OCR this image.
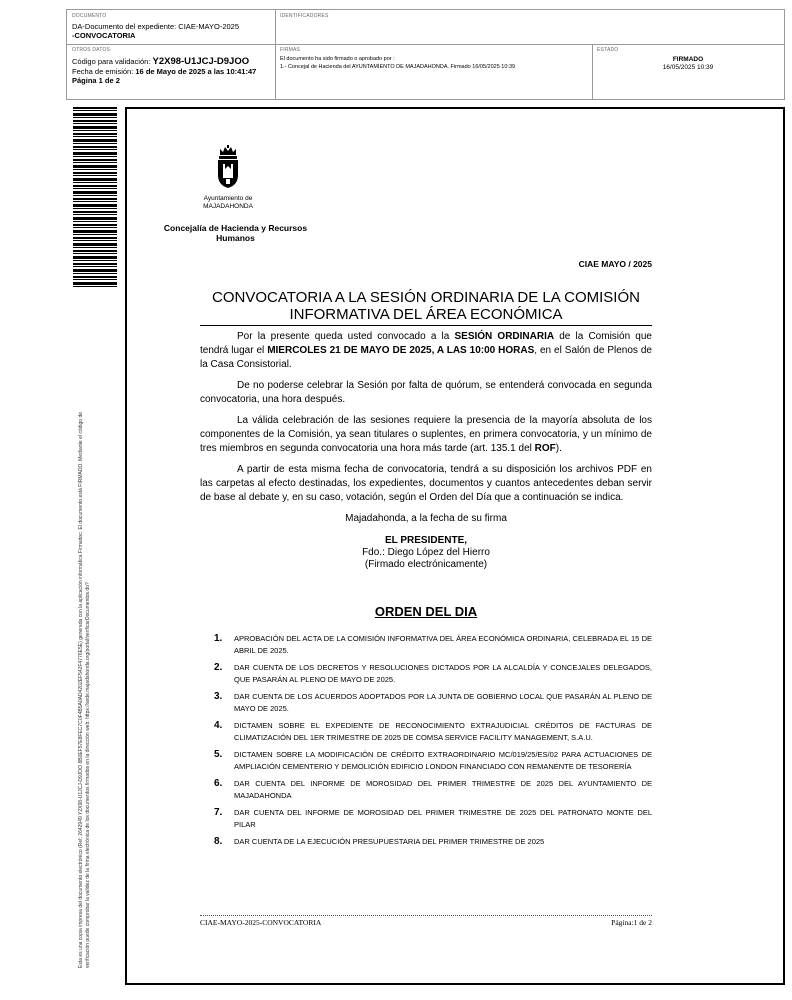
DOCUMENTO
DA-Documento del expediente: CIAE-MAYO-2025
-CONVOCATORIA
IDENTIFICADORES
OTROS DATOS
Código para validación: Y2X98-U1JCJ-D9JOO
Fecha de emisión: 16 de Mayo de 2025 a las 10:41:47
Página 1 de 2
FIRMAS
El documento ha sido firmado o aprobado por :
1.- Concejal de Hacienda del AYUNTAMIENTO DE MAJADAHONDA. Firmado 16/05/2025 10:39
ESTADO
FIRMADO
16/05/2025 10:39
Esta es una copia impresa del documento electrónico (Ref: 2642949 Y2X98-U1JCJ-D9JOO 8B0EF57E8FEC7C0F4B5A0AD4202EF542F4776E5E) generada con la aplicación informática Firmadoc. El documento está FIRMADO. Mediante el código de verificación puede comprobar la validez de la firma electrónica de los documentos firmados en la dirección web: https://sede.majadahonda.org/portal/verificarDocumentos.do?
Ayuntamiento de
MAJADAHONDA
Concejalía de Hacienda y Recursos
Humanos
CIAE MAYO / 2025
CONVOCATORIA A LA SESIÓN ORDINARIA DE LA COMISIÓN INFORMATIVA DEL ÁREA ECONÓMICA

Por la presente queda usted convocado a la SESIÓN ORDINARIA de la Comisión que tendrá lugar el MIERCOLES 21 DE MAYO DE 2025, A LAS 10:00 HORAS, en el Salón de Plenos de la Casa Consistorial.

De no poderse celebrar la Sesión por falta de quórum, se entenderá convocada en segunda convocatoria, una hora después.

La válida celebración de las sesiones requiere la presencia de la mayoría absoluta de los componentes de la Comisión, ya sean titulares o suplentes, en primera convocatoria, y un mínimo de tres miembros en segunda convocatoria una hora más tarde (art. 135.1 del ROF).

A partir de esta misma fecha de convocatoria, tendrá a su disposición los archivos PDF en las carpetas al efecto destinadas, los expedientes, documentos y cuantos antecedentes deban servir de base al debate y, en su caso, votación, según el Orden del Día que a continuación se indica.

Majadahonda, a la fecha de su firma
EL PRESIDENTE,
Fdo.: Diego López del Hierro
(Firmado electrónicamente)
ORDEN DEL DIA
1. APROBACIÓN DEL ACTA DE LA COMISIÓN INFORMATIVA DEL ÁREA ECONÓMICA ORDINARIA, CELEBRADA EL 15 DE ABRIL DE 2025.
2. DAR CUENTA DE LOS DECRETOS Y RESOLUCIONES DICTADOS POR LA ALCALDÍA Y CONCEJALES DELEGADOS, QUE PASARÁN AL PLENO DE MAYO DE 2025.
3. DAR CUENTA DE LOS ACUERDOS ADOPTADOS POR LA JUNTA DE GOBIERNO LOCAL QUE PASARÁN AL PLENO DE MAYO DE 2025.
4. DICTAMEN SOBRE EL EXPEDIENTE DE RECONOCIMIENTO EXTRAJUDICIAL CRÉDITOS DE FACTURAS DE CLIMATIZACIÓN DEL 1ER TRIMESTRE DE 2025 DE COMSA SERVICE FACILITY MANAGEMENT, S.A.U.
5. DICTAMEN SOBRE LA MODIFICACIÓN DE CRÉDITO EXTRAORDINARIO MC/019/25/ES/02 PARA ACTUACIONES DE AMPLIACIÓN CEMENTERIO Y DEMOLICIÓN EDIFICIO LONDON FINANCIADO CON REMANENTE DE TESORERÍA
6. DAR CUENTA DEL INFORME DE MOROSIDAD DEL PRIMER TRIMESTRE DE 2025 DEL AYUNTAMIENTO DE MAJADAHONDA
7. DAR CUENTA DEL INFORME DE MOROSIDAD DEL PRIMER TRIMESTRE DE 2025 DEL PATRONATO MONTE DEL PILAR
8. DAR CUENTA DE LA EJECUCIÓN PRESUPUESTARIA DEL PRIMER TRIMESTRE DE 2025
CIAE-MAYO-2025-CONVOCATORIA	Página:1 de 2
